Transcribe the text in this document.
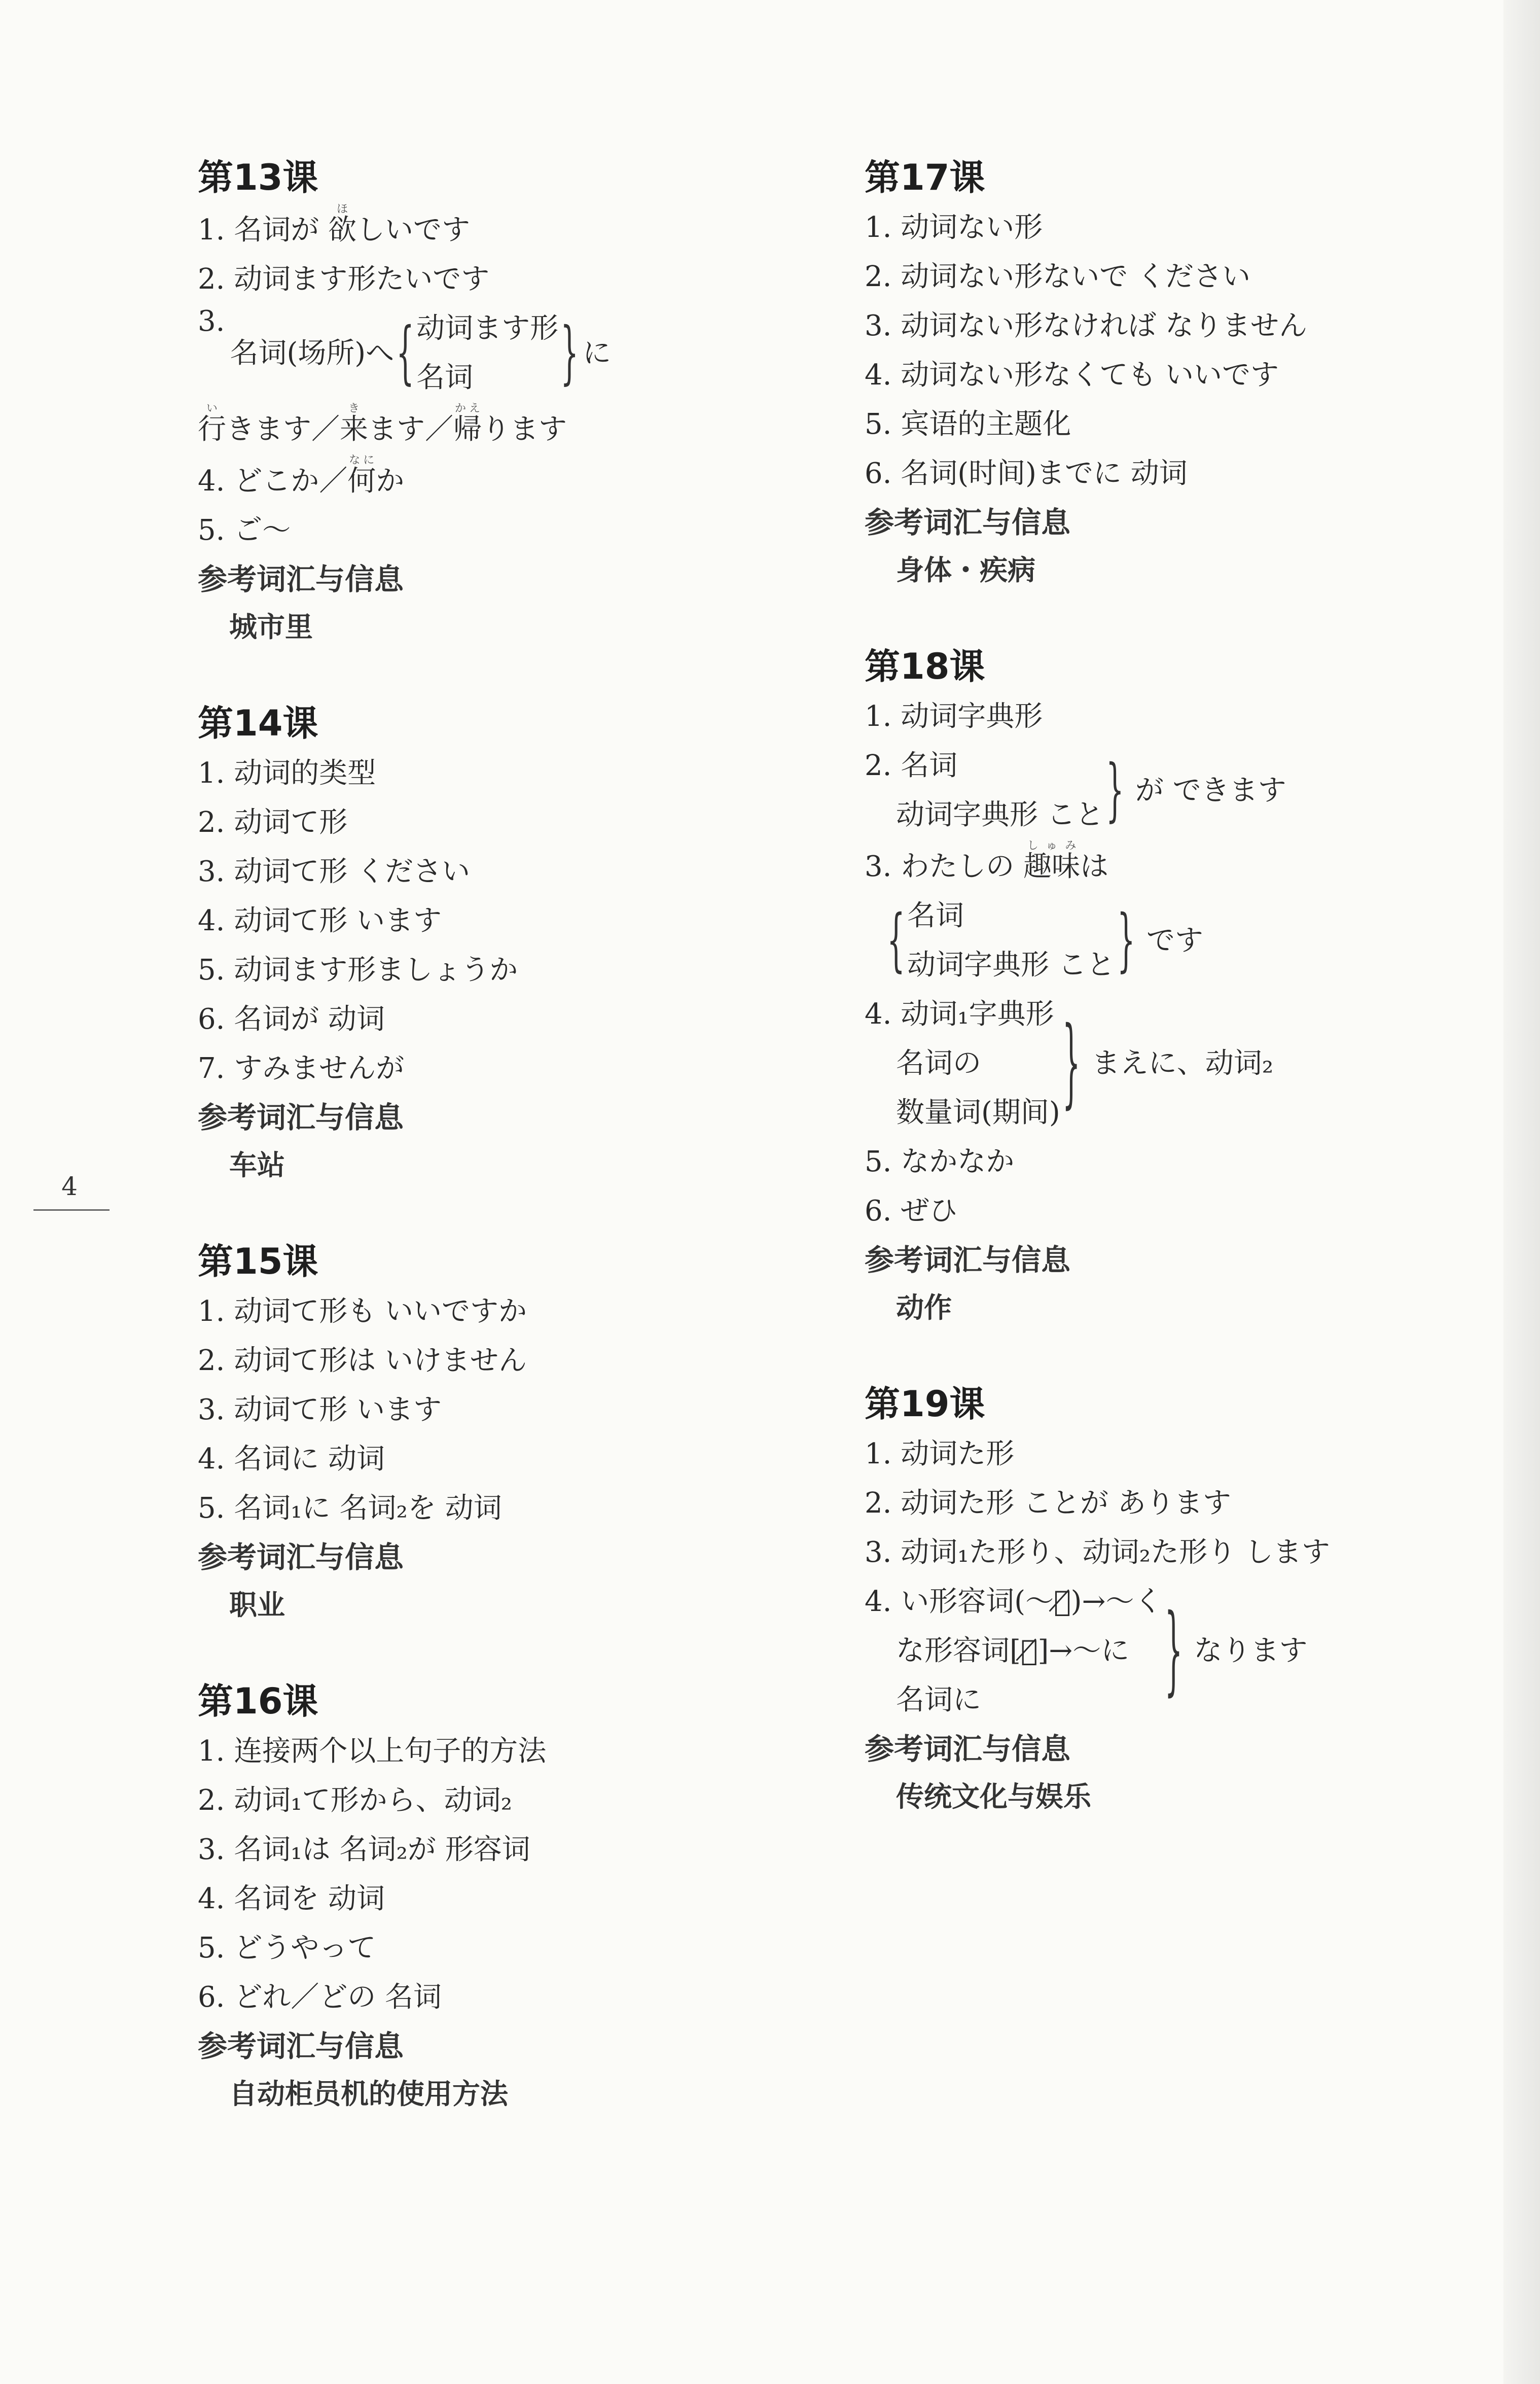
4
第13课
1. 名词が 欲ほしいです
2. 动词ます形たいです
3.
名词(场所)へ { 动词ます形
名词	} に
行いきます／来きます／帰かえります
4. どこか／何なにか
5. ご～
参考词汇与信息
城市里
第14课
1. 动词的类型
2. 动词て形
3. 动词て形 ください
4. 动词て形 います
5. 动词ます形ましょうか
6. 名词が 动词
7. すみませんが
参考词汇与信息
车站
第15课
1. 动词て形も いいですか
2. 动词て形は いけません
3. 动词て形 います
4. 名词に 动词
5. 名词₁に 名词₂を 动词
参考词汇与信息
职业
第16课
1. 连接两个以上句子的方法
2. 动词₁て形から、动词₂
3. 名词₁は 名词₂が 形容词
4. 名词を 动词
5. どうやって
6. どれ／どの 名词
参考词汇与信息
自动柜员机的使用方法
第17课
1. 动词ない形
2. 动词ない形ないで ください
3. 动词ない形なければ なりません
4. 动词ない形なくても いいです
5. 宾语的主题化
6. 名词(时间)までに 动词
参考词汇与信息
身体・疾病
第18课
1. 动词字典形
2. 名词
动词字典形 こと } が できます
3. わたしの 趣味しゅみは
{ 名词
动词字典形 こと } です
4. 动词₁字典形
名词の
数量词(期间) } まえに、动词₂
5. なかなか
6. ぜひ
参考词汇与信息
动作
第19课
1. 动词た形
2. 动词た形 ことが あります
3. 动词₁た形り、动词₂た形り します
4. い形容词(～い̸)→～く
な形容词[な̸]→～に
名词に	} なります
参考词汇与信息
传统文化与娱乐
